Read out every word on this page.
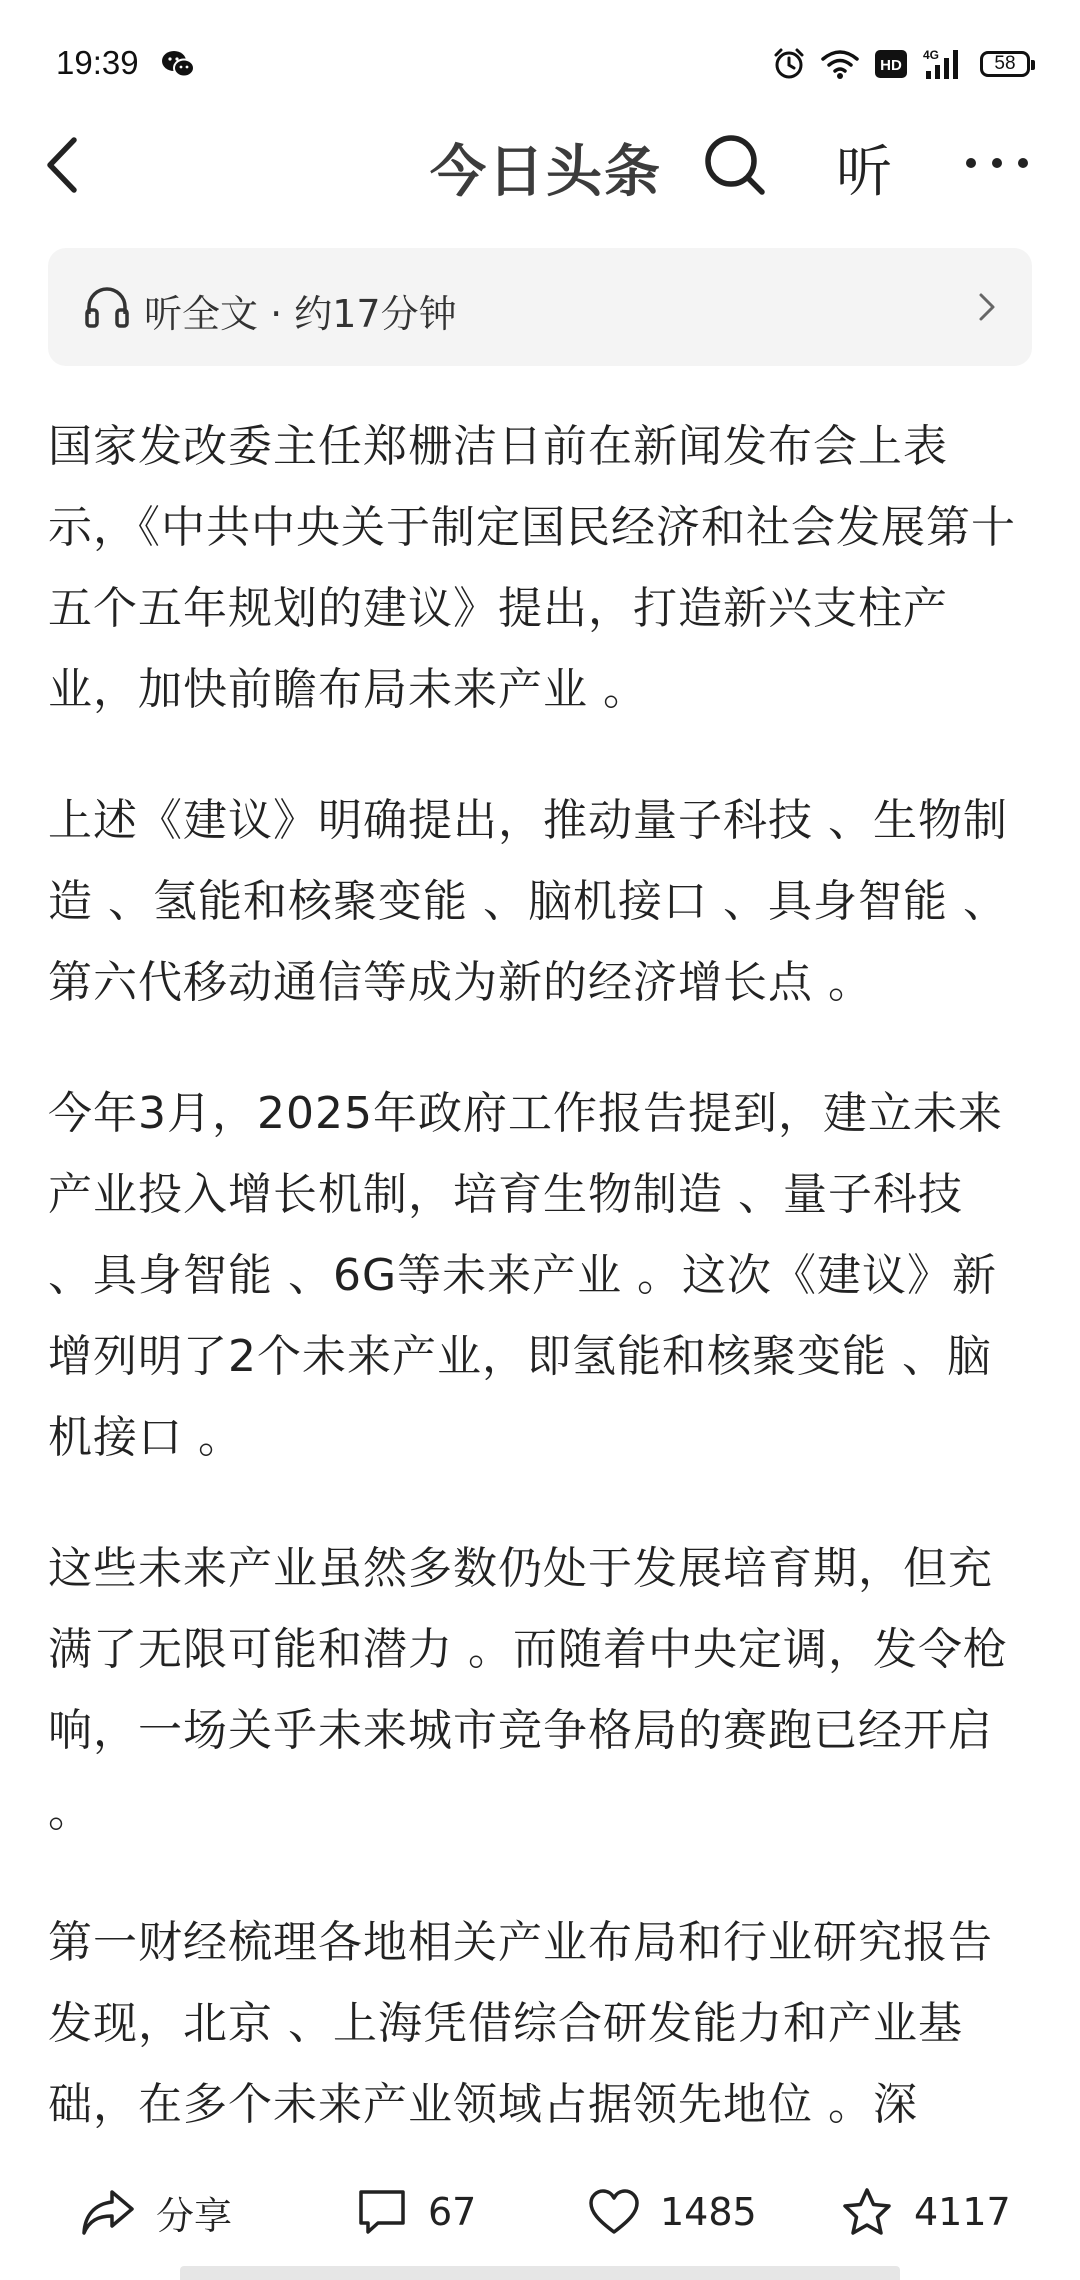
19:39	HD
4G	58
今日头条	听
听全文 · 约17分钟

国家发改委主任郑栅洁日前在新闻发布会上表示，《中共中央关于制定国民经济和社会发展第十五个五年规划的建议》提出，打造新兴支柱产业，加快前瞻布局未来产业 。

上述《建议》明确提出，推动量子科技 、生物制造 、氢能和核聚变能 、脑机接口 、具身智能 、第六代移动通信等成为新的经济增长点 。

今年3月，2025年政府工作报告提到，建立未来产业投入增长机制，培育生物制造 、量子科技 、具身智能 、6G等未来产业 。这次《建议》新增列明了2个未来产业，即氢能和核聚变能 、脑机接口 。

这些未来产业虽然多数仍处于发展培育期，但充满了无限可能和潜力 。而随着中央定调，发令枪响，一场关乎未来城市竞争格局的赛跑已经开启 。

第一财经梳理各地相关产业布局和行业研究报告发现，北京 、上海凭借综合研发能力和产业基础，在多个未来产业领域占据领先地位 。深

分享	67	1485	4117
